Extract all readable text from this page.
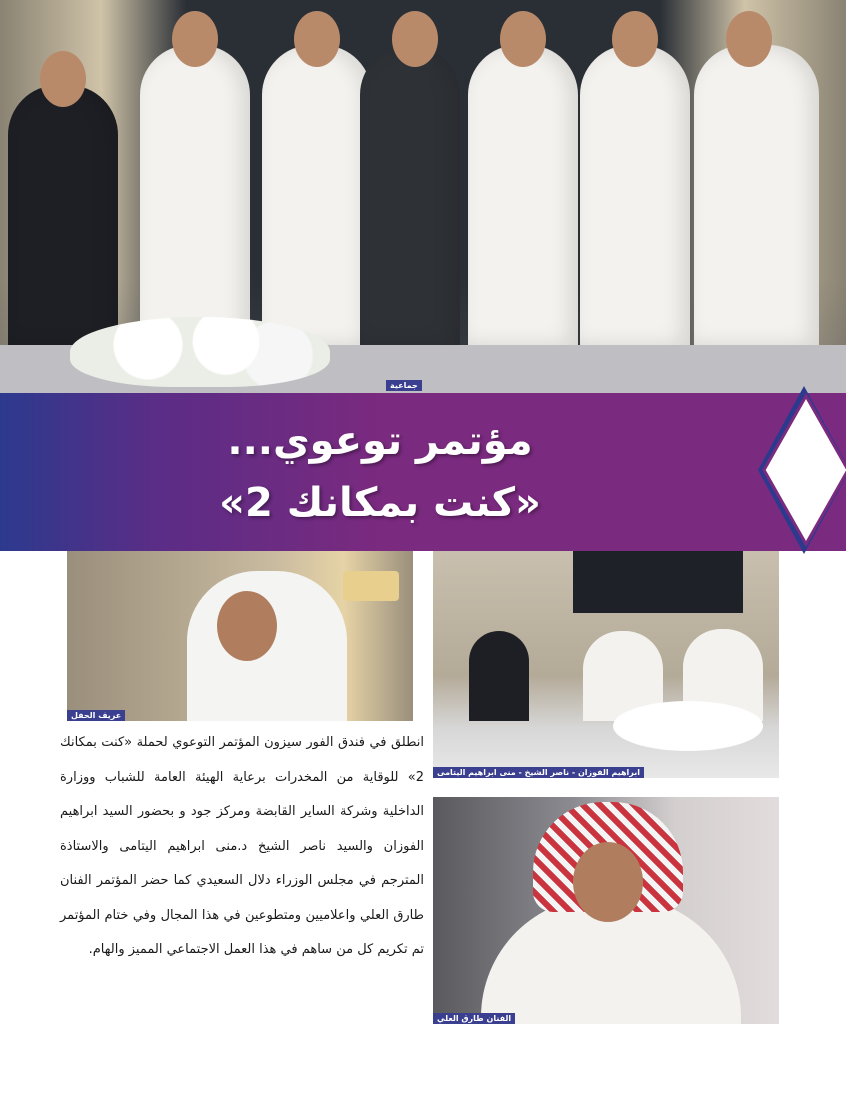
جماعية
مؤتمر توعوي...
«كنت بمكانك 2»
عريف الحفل
ابراهيم الفوزان - ناصر الشيخ - منى ابراهيم اليتامى
الفنان طارق العلي
انطلق في فندق الفور سيزون المؤتمر التوعوي لحملة «كنت بمكانك 2» للوقاية من المخدرات برعاية الهيئة العامة للشباب ووزارة الداخلية وشركة الساير القابضة ومركز جود و بحضور السيد ابراهيم الفوزان والسيد ناصر الشيخ د.منى ابراهيم اليتامى والاستاذة المترجم في مجلس الوزراء دلال السعيدي كما حضر المؤتمر الفنان طارق العلي واعلاميين ومتطوعين في هذا المجال وفي ختام المؤتمر تم تكريم كل من ساهم في هذا العمل الاجتماعي المميز والهام.
